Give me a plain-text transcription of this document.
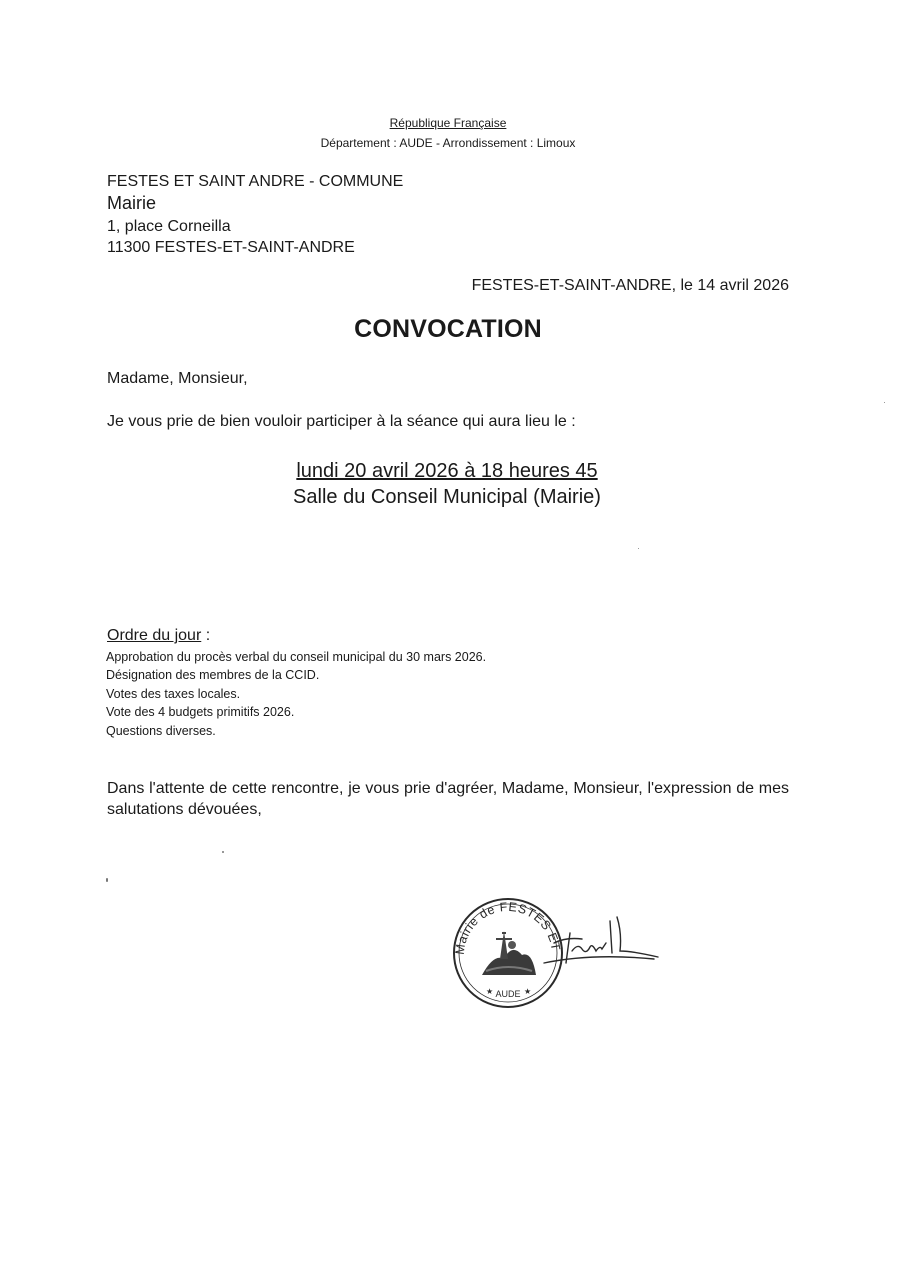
République Française
Département : AUDE - Arrondissement : Limoux
FESTES ET SAINT ANDRE - COMMUNE
Mairie
1, place Corneilla
11300 FESTES-ET-SAINT-ANDRE
FESTES-ET-SAINT-ANDRE, le 14 avril 2026
CONVOCATION
Madame, Monsieur,
Je vous prie de bien vouloir participer à la séance qui aura lieu le :
lundi 20 avril 2026 à 18 heures 45
Salle du Conseil Municipal (Mairie)
Ordre du jour :
Approbation du procès verbal du conseil municipal du 30 mars 2026.
Désignation des membres de la CCID.
Votes des taxes locales.
Vote des 4 budgets primitifs 2026.
Questions diverses.
Dans l'attente de cette rencontre, je vous prie d'agréer, Madame, Monsieur, l'expression de mes salutations dévouées,
Mairie de FESTES ET
AUDE
★	★
